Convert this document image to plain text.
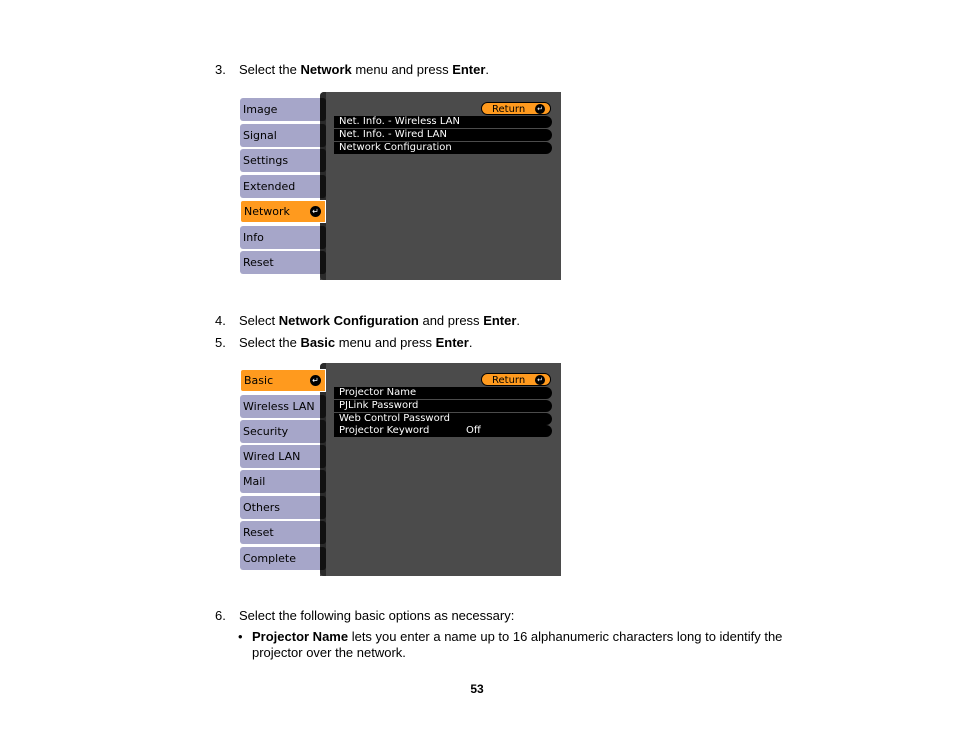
3. Select the Network menu and press Enter.
Image
Signal
Settings
Extended
Network	↵
Info
Reset
Return ↵
Net. Info. - Wireless LAN
Net. Info. - Wired LAN
Network Configuration
4. Select Network Configuration and press Enter.
5. Select the Basic menu and press Enter.
Basic	↵
Wireless LAN
Security
Wired LAN
Mail
Others
Reset
Complete
Return ↵
Projector Name
PJLink Password
Web Control Password
Projector Keyword	Off
6. Select the following basic options as necessary:
• Projector Name lets you enter a name up to 16 alphanumeric characters long to identify the projector over the network.
53
